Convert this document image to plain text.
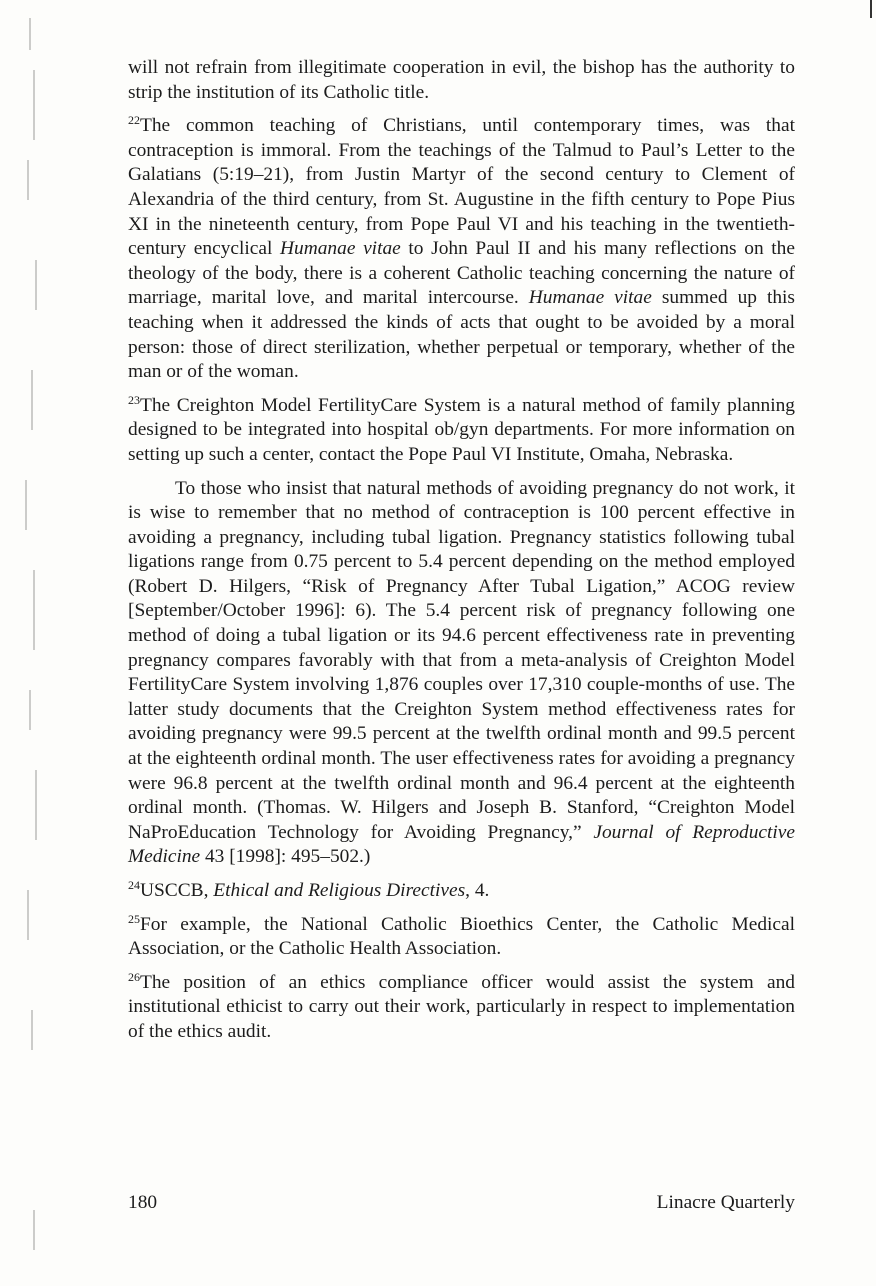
will not refrain from illegitimate cooperation in evil, the bishop has the authority to strip the institution of its Catholic title.

$^{22}$The common teaching of Christians, until contemporary times, was that contraception is immoral. From the teachings of the Talmud to Paul’s Letter to the Galatians (5:19–21), from Justin Martyr of the second century to Clement of Alexandria of the third century, from St. Augustine in the fifth century to Pope Pius XI in the nineteenth century, from Pope Paul VI and his teaching in the twentieth-century encyclical Humanae vitae to John Paul II and his many reflections on the theology of the body, there is a coherent Catholic teaching concerning the nature of marriage, marital love, and marital intercourse. Humanae vitae summed up this teaching when it addressed the kinds of acts that ought to be avoided by a moral person: those of direct sterilization, whether perpetual or temporary, whether of the man or of the woman.

$^{23}$The Creighton Model FertilityCare System is a natural method of family planning designed to be integrated into hospital ob/gyn departments. For more information on setting up such a center, contact the Pope Paul VI Institute, Omaha, Nebraska.

To those who insist that natural methods of avoiding pregnancy do not work, it is wise to remember that no method of contraception is 100 percent effective in avoiding a pregnancy, including tubal ligation. Pregnancy statistics following tubal ligations range from 0.75 percent to 5.4 percent depending on the method employed (Robert D. Hilgers, “Risk of Pregnancy After Tubal Ligation,” ACOG review [September/October 1996]: 6). The 5.4 percent risk of pregnancy following one method of doing a tubal ligation or its 94.6 percent effectiveness rate in preventing pregnancy compares favorably with that from a meta-analysis of Creighton Model FertilityCare System involving 1,876 couples over 17,310 couple-months of use. The latter study documents that the Creighton System method effectiveness rates for avoiding pregnancy were 99.5 percent at the twelfth ordinal month and 99.5 percent at the eighteenth ordinal month. The user effectiveness rates for avoiding a pregnancy were 96.8 percent at the twelfth ordinal month and 96.4 percent at the eighteenth ordinal month. (Thomas. W. Hilgers and Joseph B. Stanford, “Creighton Model NaProEducation Technology for Avoiding Pregnancy,” Journal of Reproductive Medicine 43 [1998]: 495–502.)

$^{24}$USCCB, Ethical and Religious Directives, 4.

$^{25}$For example, the National Catholic Bioethics Center, the Catholic Medical Association, or the Catholic Health Association.

$^{26}$The position of an ethics compliance officer would assist the system and institutional ethicist to carry out their work, particularly in respect to implementation of the ethics audit.

180	Linacre Quarterly
